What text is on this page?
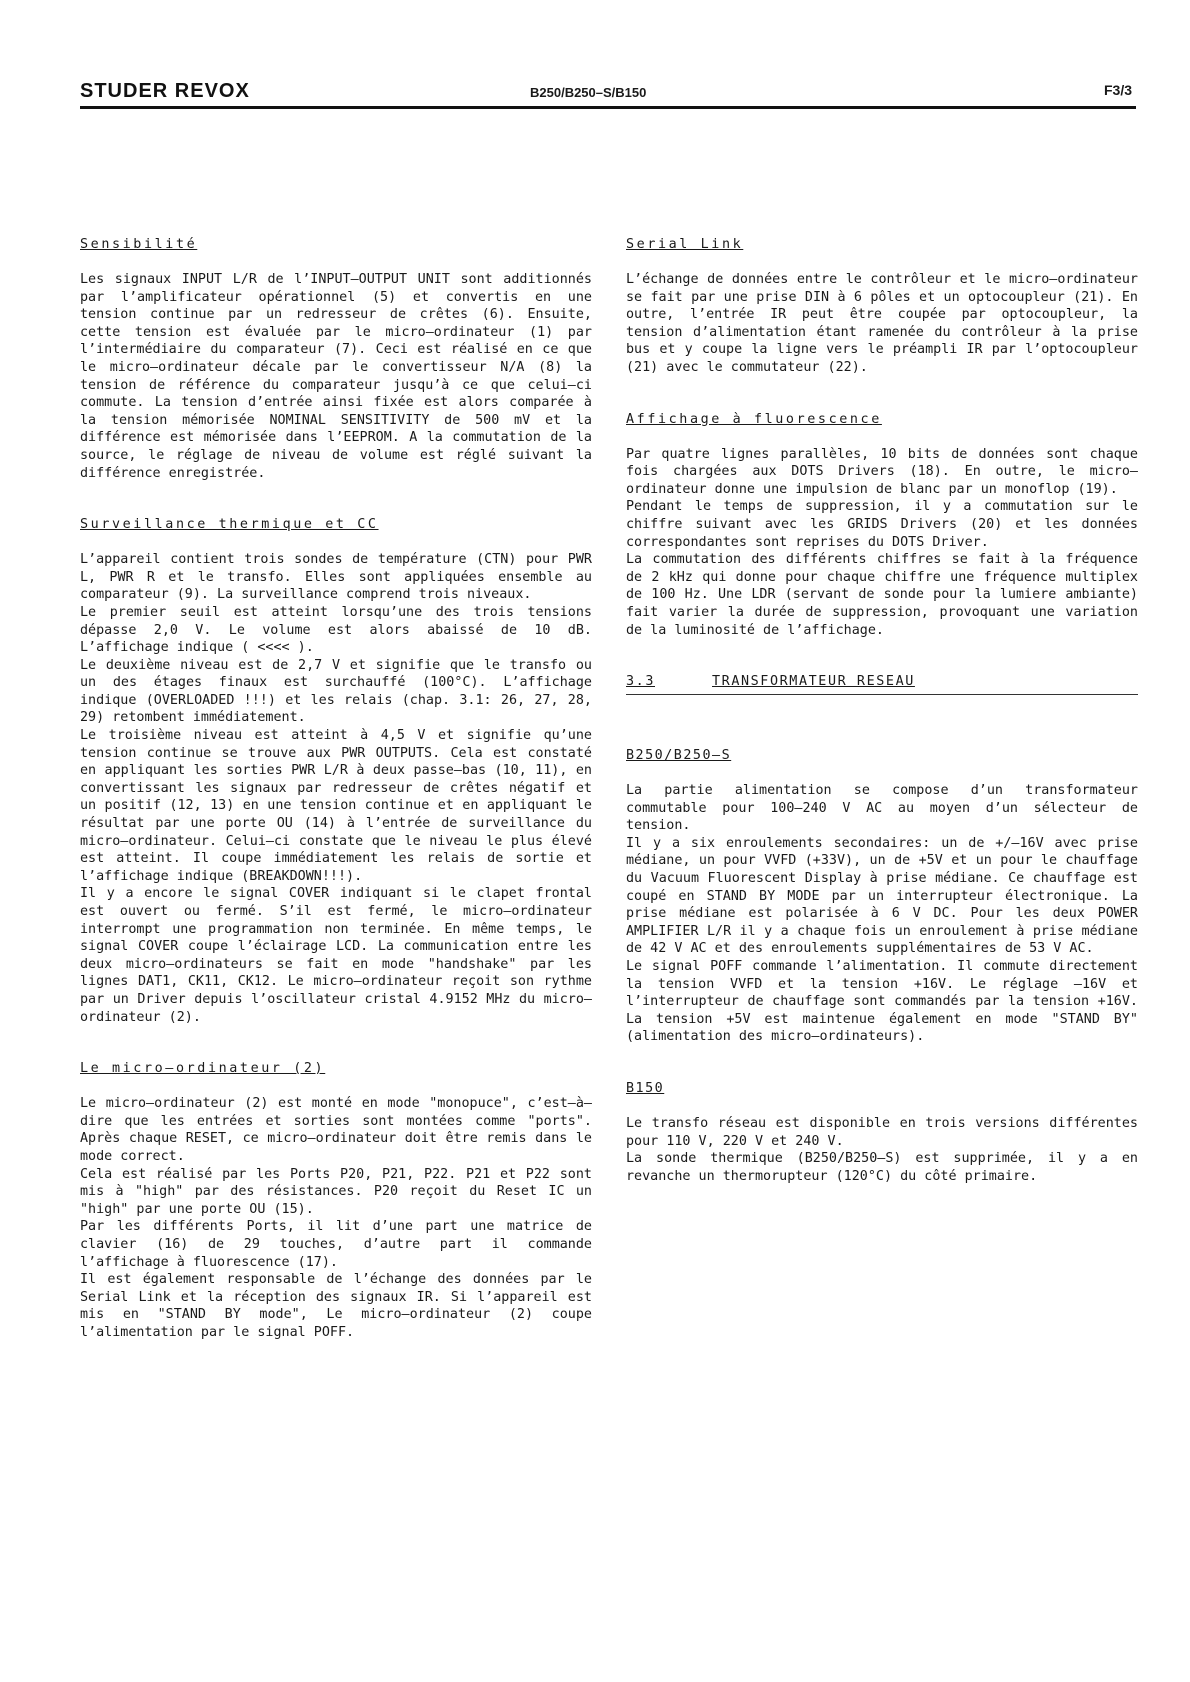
STUDER REVOX	B250/B250–S/B150	F3/3
Sensibilité

Les signaux INPUT L/R de l’INPUT–OUTPUT UNIT sont additionnés par l’amplificateur opérationnel (5) et convertis en une tension continue par un redresseur de crêtes (6). Ensuite, cette tension est évaluée par le micro–ordinateur (1) par l’intermédiaire du comparateur (7). Ceci est réalisé en ce que le micro–ordinateur décale par le convertisseur N/A (8) la tension de référence du comparateur jusqu’à ce que celui–ci commute. La tension d’entrée ainsi fixée est alors comparée à la tension mémorisée NOMINAL SENSITIVITY de 500 mV et la différence est mémorisée dans l’EEPROM. A la commutation de la source, le réglage de niveau de volume est réglé suivant la différence enregistrée.

Surveillance thermique et CC

L’appareil contient trois sondes de température (CTN) pour PWR L, PWR R et le transfo. Elles sont appliquées ensemble au comparateur (9). La surveillance comprend trois niveaux.

Le premier seuil est atteint lorsqu’une des trois tensions dépasse 2,0 V. Le volume est alors abaissé de 10 dB. L’affichage indique ( <<<< ).

Le deuxième niveau est de 2,7 V et signifie que le transfo ou un des étages finaux est surchauffé (100°C). L’affichage indique (OVERLOADED !!!) et les relais (chap. 3.1: 26, 27, 28, 29) retombent immédiatement.

Le troisième niveau est atteint à 4,5 V et signifie qu’une tension continue se trouve aux PWR OUTPUTS. Cela est constaté en appliquant les sorties PWR L/R à deux passe–bas (10, 11), en convertissant les signaux par redresseur de crêtes négatif et un positif (12, 13) en une tension continue et en appliquant le résultat par une porte OU (14) à l’entrée de surveillance du micro–ordinateur. Celui–ci constate que le niveau le plus élevé est atteint. Il coupe immédiatement les relais de sortie et l’affichage indique (BREAKDOWN!!!).

Il y a encore le signal COVER indiquant si le clapet frontal est ouvert ou fermé. S’il est fermé, le micro–ordinateur interrompt une programmation non terminée. En même temps, le signal COVER coupe l’éclairage LCD. La communication entre les deux micro–ordinateurs se fait en mode "handshake" par les lignes DAT1, CK11, CK12. Le micro–ordinateur reçoit son rythme par un Driver depuis l’oscillateur cristal 4.9152 MHz du micro–ordinateur (2).

Le micro–ordinateur (2)

Le micro–ordinateur (2) est monté en mode "monopuce", c’est–à–dire que les entrées et sorties sont montées comme "ports". Après chaque RESET, ce micro–ordinateur doit être remis dans le mode correct.

Cela est réalisé par les Ports P20, P21, P22. P21 et P22 sont mis à "high" par des résistances. P20 reçoit du Reset IC un "high" par une porte OU (15).

Par les différents Ports, il lit d’une part une matrice de clavier (16) de 29 touches, d’autre part il commande l’affichage à fluorescence (17).

Il est également responsable de l’échange des données par le Serial Link et la réception des signaux IR. Si l’appareil est mis en "STAND BY mode", Le micro–ordinateur (2) coupe l’alimentation par le signal POFF.

Serial Link

L’échange de données entre le contrôleur et le micro–ordinateur se fait par une prise DIN à 6 pôles et un optocoupleur (21). En outre, l’entrée IR peut être coupée par optocoupleur, la tension d’alimentation étant ramenée du contrôleur à la prise bus et y coupe la ligne vers le préampli IR par l’optocoupleur (21) avec le commutateur (22).

Affichage à fluorescence

Par quatre lignes parallèles, 10 bits de données sont chaque fois chargées aux DOTS Drivers (18). En outre, le micro–ordinateur donne une impulsion de blanc par un monoflop (19).

Pendant le temps de suppression, il y a commutation sur le chiffre suivant avec les GRIDS Drivers (20) et les données correspondantes sont reprises du DOTS Driver.

La commutation des différents chiffres se fait à la fréquence de 2 kHz qui donne pour chaque chiffre une fréquence multiplex de 100 Hz. Une LDR (servant de sonde pour la lumiere ambiante) fait varier la durée de suppression, provoquant une variation de la luminosité de l’affichage.

3.3	TRANSFORMATEUR RESEAU
B250/B250–S

La partie alimentation se compose d’un transformateur commutable pour 100–240 V AC au moyen d’un sélecteur de tension.

Il y a six enroulements secondaires: un de +/–16V avec prise médiane, un pour VVFD (+33V), un de +5V et un pour le chauffage du Vacuum Fluorescent Display à prise médiane. Ce chauffage est coupé en STAND BY MODE par un interrupteur électronique. La prise médiane est polarisée à 6 V DC. Pour les deux POWER AMPLIFIER L/R il y a chaque fois un enroulement à prise médiane de 42 V AC et des enroulements supplémentaires de 53 V AC.

Le signal POFF commande l’alimentation. Il commute directement la tension VVFD et la tension +16V. Le réglage –16V et l’interrupteur de chauffage sont commandés par la tension +16V. La tension +5V est maintenue également en mode "STAND BY" (alimentation des micro–ordinateurs).

B150

Le transfo réseau est disponible en trois versions différentes pour 110 V, 220 V et 240 V.

La sonde thermique (B250/B250–S) est supprimée, il y a en revanche un thermorupteur (120°C) du côté primaire.
